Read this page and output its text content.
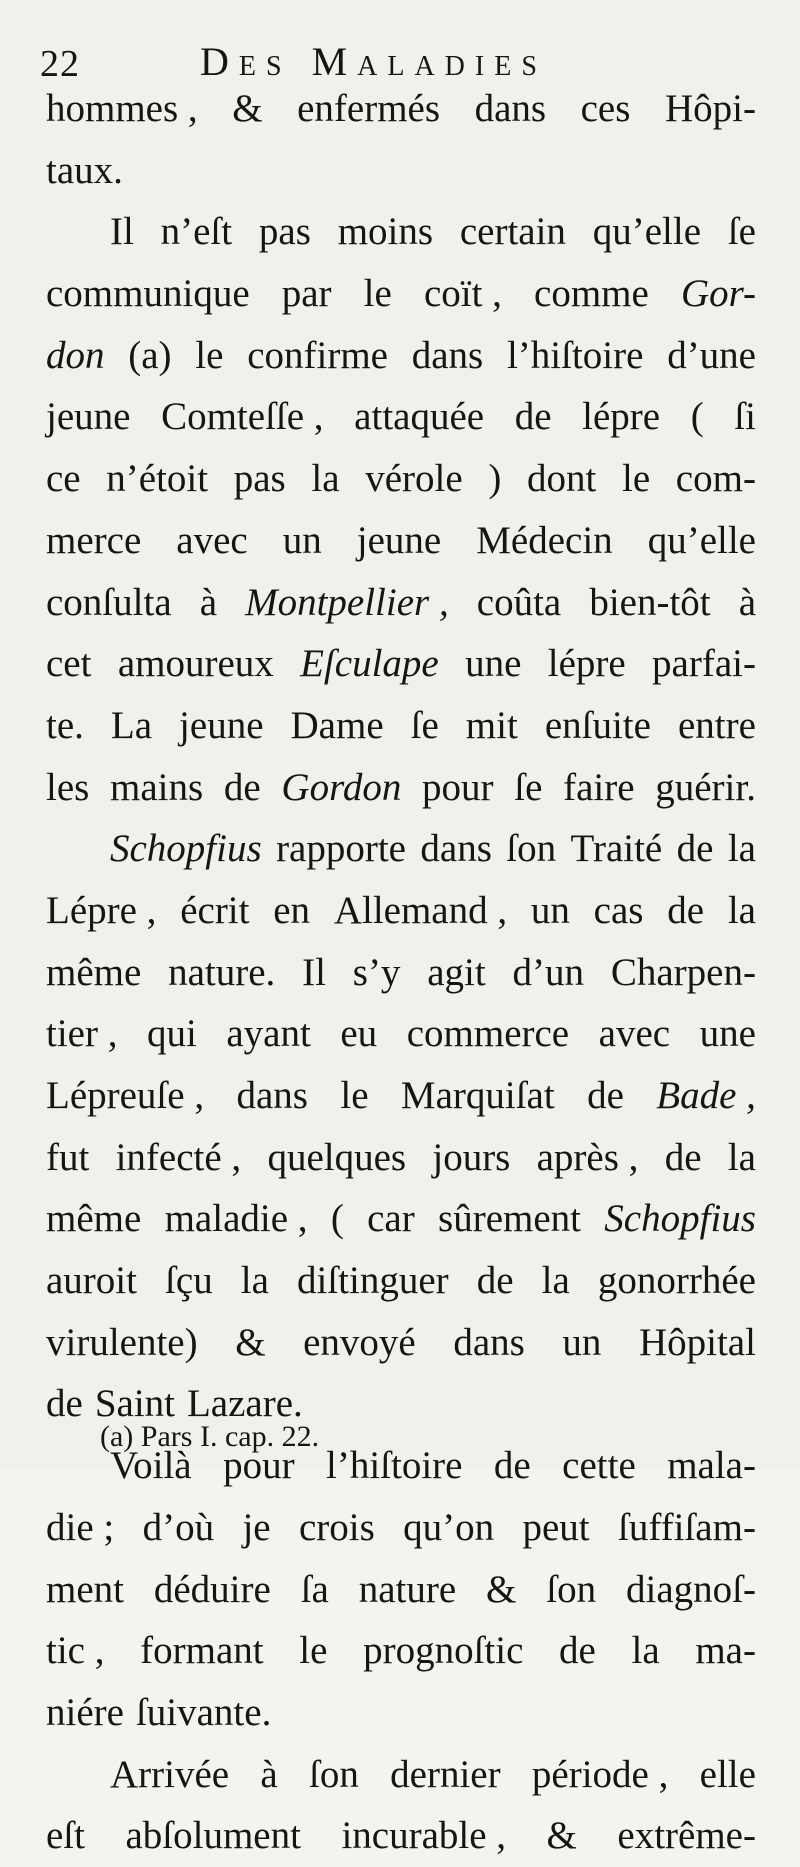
22	Des Maladies
hommes , & enfermés dans ces Hôpi-
taux.
Il n’eſt pas moins certain qu’elle ſe
communique par le coït , comme Gor-
don (a) le confirme dans l’hiſtoire d’une
jeune Comteſſe , attaquée de lépre ( ſi
ce n’étoit pas la vérole ) dont le com-
merce avec un jeune Médecin qu’elle
conſulta à Montpellier , coûta bien-tôt à
cet amoureux Eſculape une lépre parfai-
te. La jeune Dame ſe mit enſuite entre
les mains de Gordon pour ſe faire guérir.
Schopfius rapporte dans ſon Traité de la
Lépre , écrit en Allemand , un cas de la
même nature. Il s’y agit d’un Charpen-
tier , qui ayant eu commerce avec une
Lépreuſe , dans le Marquiſat de Bade ,
fut infecté , quelques jours après , de la
même maladie , ( car sûrement Schopfius
auroit ſçu la diſtinguer de la gonorrhée
virulente) & envoyé dans un Hôpital
de Saint Lazare.
Voilà pour l’hiſtoire de cette mala-
die ; d’où je crois qu’on peut ſuffiſam-
ment déduire ſa nature & ſon diagnoſ-
tic , formant le prognoſtic de la ma-
niére ſuivante.
Arrivée à ſon dernier période , elle
eſt abſolument incurable , & extrême-
(a) Pars I. cap. 22.
